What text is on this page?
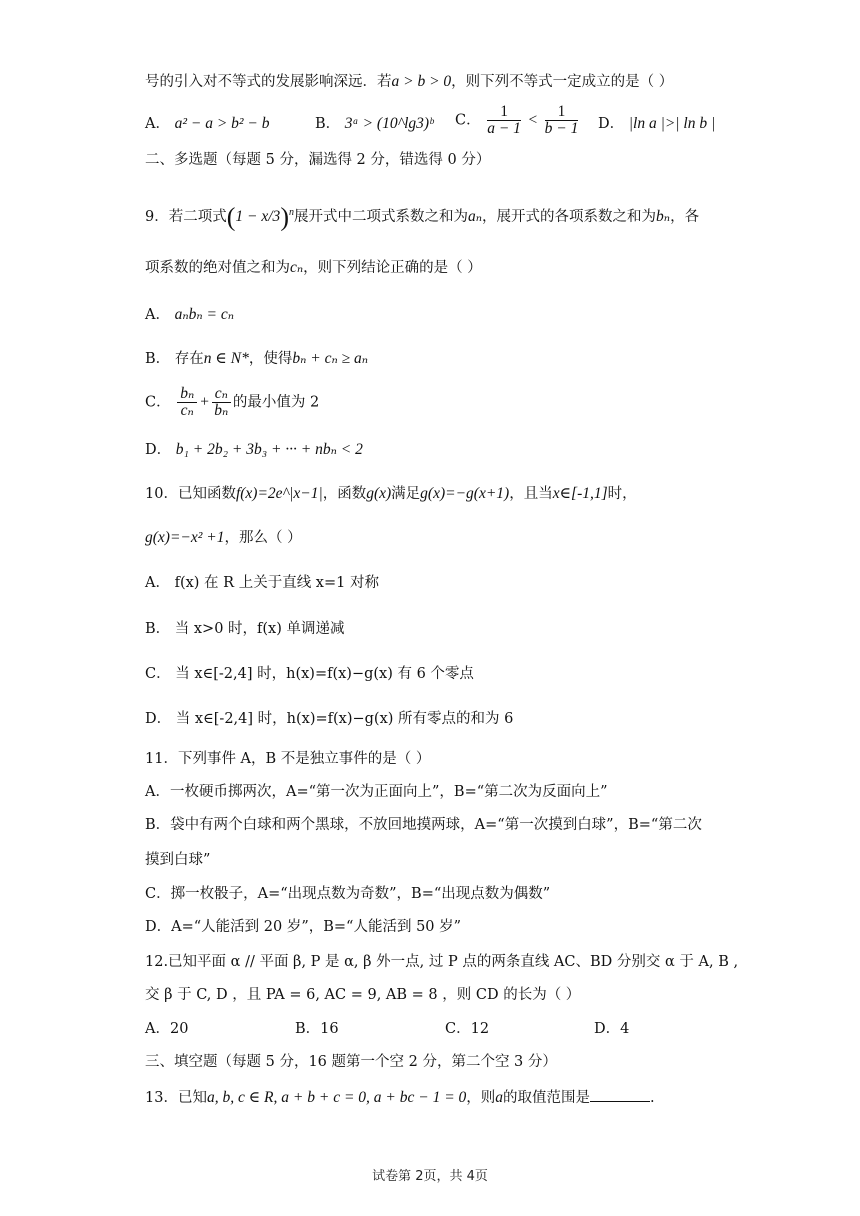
号的引入对不等式的发展影响深远．若a > b > 0，则下列不等式一定成立的是（ ）
A． a² − a > b² − b	B． 3ᵃ > (10^lg3)ᵇ C． $\frac{1}{a - 1} < \frac{1}{b - 1}$ D． |ln a |>| ln b |
二、多选题（每题 5 分，漏选得 2 分，错选得 0 分）
9．若二项式$(1 - x/3)^n$展开式中二项式系数之和为aₙ，展开式的各项系数之和为bₙ，各
项系数的绝对值之和为cₙ，则下列结论正确的是（ ）
A． aₙbₙ = cₙ
B． 存在n ∈ N*，使得bₙ + cₙ ≥ aₙ
C． $\frac{\text{bₙ}}{\text{cₙ}} + \frac{\text{cₙ}}{\text{bₙ}}$ 的最小值为 2
D． b₁ + 2b₂ + 3b₃ + ··· + nbₙ < 2
10．已知函数f(x)=2e^|x−1|，函数g(x)满足g(x)=−g(x+1)，且当x∈[-1,1]时，
g(x)=−x² +1，那么（ ）
A． f(x) 在 R 上关于直线 x=1 对称
B． 当 x>0 时，f(x) 单调递减
C． 当 x∈[-2,4] 时，h(x)=f(x)−g(x) 有 6 个零点
D． 当 x∈[-2,4] 时，h(x)=f(x)−g(x) 所有零点的和为 6
11．下列事件 A，B 不是独立事件的是（ ）
A．一枚硬币掷两次，A=“第一次为正面向上”，B=“第二次为反面向上”
B．袋中有两个白球和两个黑球，不放回地摸两球，A=“第一次摸到白球”，B=“第二次
摸到白球”
C．掷一枚骰子，A=“出现点数为奇数”，B=“出现点数为偶数”
D．A=“人能活到 20 岁”，B=“人能活到 50 岁”
12.已知平面 α // 平面 β, P 是 α, β 外一点, 过 P 点的两条直线 AC、BD 分别交 α 于 A, B ,
交 β 于 C, D ，且 PA = 6, AC = 9, AB = 8 ，则 CD 的长为（ ）
A．20	B．16	C．12	D．4
三、填空题（每题 5 分，16 题第一个空 2 分，第二个空 3 分）
13．已知a, b, c ∈ R, a + b + c = 0, a + bc − 1 = 0，则a的取值范围是	.
试卷第 2页，共 4页
